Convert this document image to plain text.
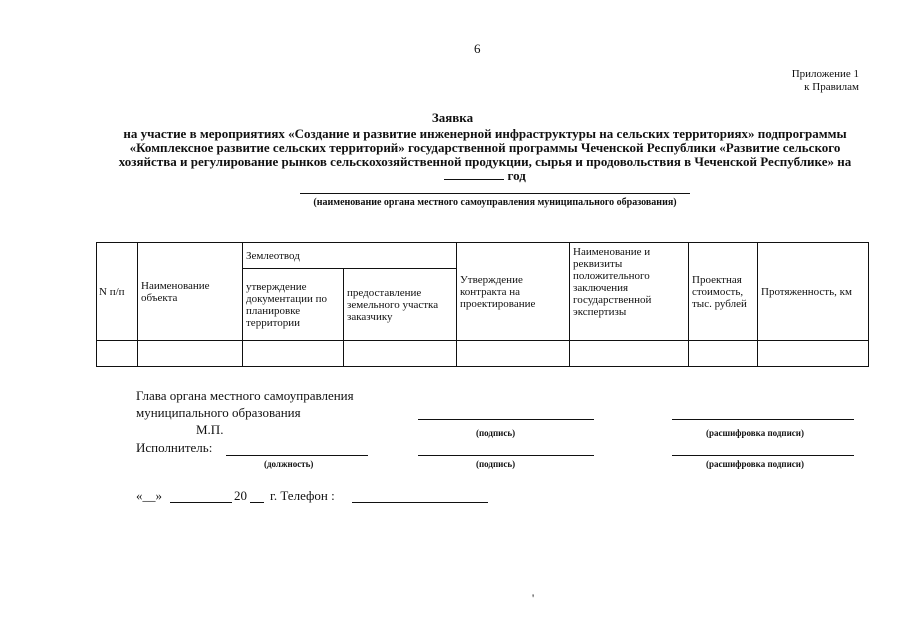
6
Приложение 1
к Правилам
Заявка
на участие в мероприятиях «Создание и развитие инженерной инфраструктуры на сельских территориях» подпрограммы «Комплексное развитие сельских территорий» государственной программы Чеченской Республики «Развитие сельского хозяйства и регулирование рынков сельскохозяйственной продукции, сырья и продовольствия в Чеченской Республике» на  год
(наименование органа местного самоуправления муниципального образования)
N п/п	Наименование объекта	Землеотвод		Утверждение контракта на проектирование	Наименование и реквизиты положительного заключения государственной экспертизы	Проектная стоимость, тыс. рублей	Протяженность, км
		утверждение документации по планировке территории	предоставление земельного участка заказчику				

Глава органа местного самоуправления
муниципального образования
М.П.	(подпись)	(расшифровка подписи)
Исполнитель:
(должность)	(подпись)	(расшифровка подписи)
«__»	20 г. Телефон :
'
